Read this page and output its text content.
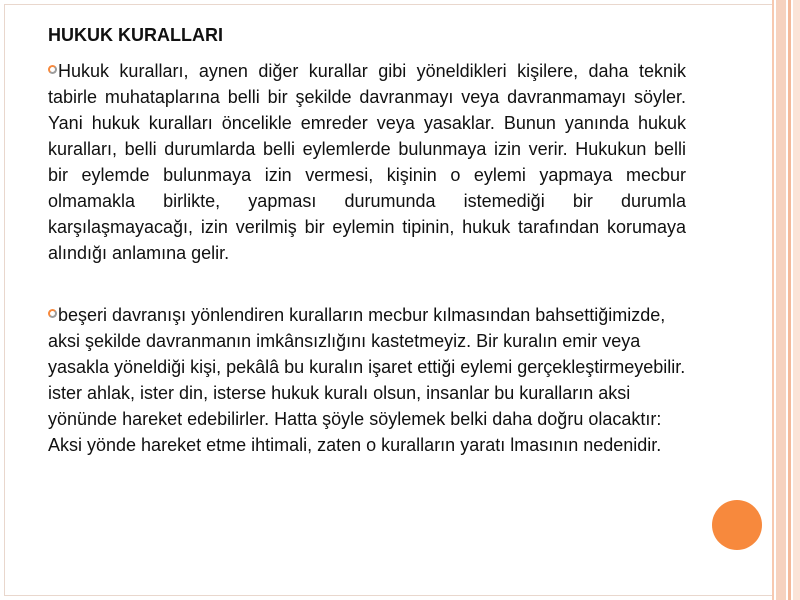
HUKUK KURALLARI

Hukuk kuralları, aynen diğer kurallar gibi yöneldikleri kişilere, daha teknik tabirle muhataplarına belli bir şekilde davranmayı veya davranmamayı söyler. Yani hukuk kuralları öncelikle emreder veya yasaklar. Bunun yanında hukuk kuralları, belli durumlarda belli eylemlerde bulunmaya izin verir. Hukukun belli bir eylemde bulunmaya izin vermesi, kişinin o eylemi yapmaya mecbur olmamakla birlikte, yapması durumunda istemediği bir durumla karşılaşmayacağı, izin verilmiş bir eylemin tipinin, hukuk tarafından korumaya alındığı anlamına gelir.

beşeri davranışı yönlendiren kuralların mecbur kılmasından bahsettiğimizde, aksi şekilde davranmanın imkânsızlığını kastetmeyiz. Bir kuralın emir veya yasakla yöneldiği kişi, pekâlâ bu kuralın işaret ettiği eylemi gerçekleştirmeyebilir. ister ahlak, ister din, isterse hukuk kuralı olsun, insanlar bu kuralların aksi yönünde hareket edebilirler. Hatta şöyle söylemek belki daha doğru olacaktır: Aksi yönde hareket etme ihtimali, zaten o kuralların yaratı lmasının nedenidir.
